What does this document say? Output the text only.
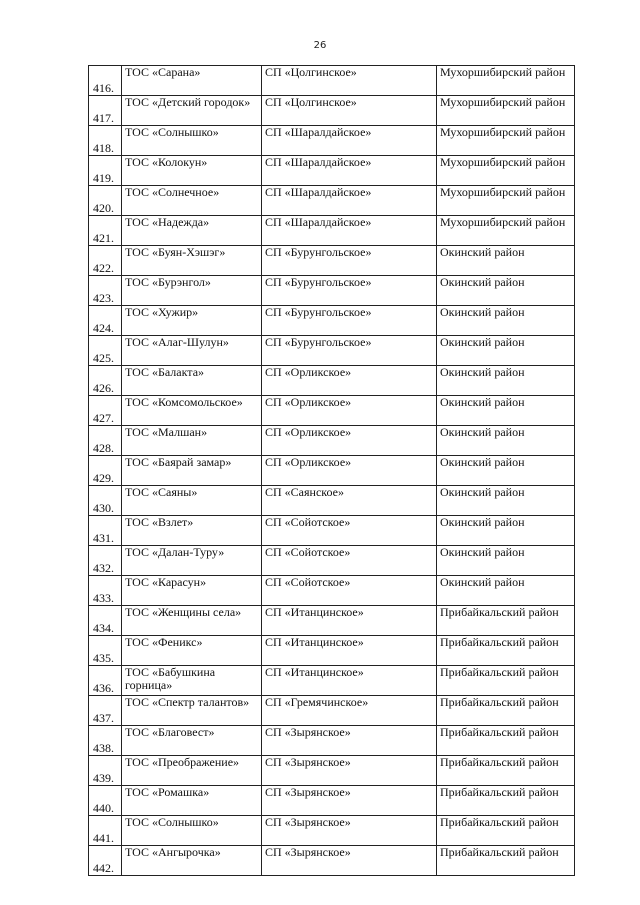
26
416.	ТОС «Сарана»	СП «Цолгинское»	Мухоршибирский район
417.	ТОС «Детский городок»	СП «Цолгинское»	Мухоршибирский район
418.	ТОС «Солнышко»	СП «Шаралдайское»	Мухоршибирский район
419.	ТОС «Колокун»	СП «Шаралдайское»	Мухоршибирский район
420.	ТОС «Солнечное»	СП «Шаралдайское»	Мухоршибирский район
421.	ТОС «Надежда»	СП «Шаралдайское»	Мухоршибирский район
422.	ТОС «Буян-Хэшэг»	СП «Бурунгольское»	Окинский район
423.	ТОС «Бурэнгол»	СП «Бурунгольское»	Окинский район
424.	ТОС «Хужир»	СП «Бурунгольское»	Окинский район
425.	ТОС «Алаг-Шулун»	СП «Бурунгольское»	Окинский район
426.	ТОС «Балакта»	СП «Орликское»	Окинский район
427.	ТОС «Комсомольское»	СП «Орликское»	Окинский район
428.	ТОС «Малшан»	СП «Орликское»	Окинский район
429.	ТОС «Баярай замар»	СП «Орликское»	Окинский район
430.	ТОС «Саяны»	СП «Саянское»	Окинский район
431.	ТОС «Взлет»	СП «Сойотское»	Окинский район
432.	ТОС «Далан-Туру»	СП «Сойотское»	Окинский район
433.	ТОС «Карасун»	СП «Сойотское»	Окинский район
434.	ТОС «Женщины села»	СП «Итанцинское»	Прибайкальский район
435.	ТОС «Феникс»	СП «Итанцинское»	Прибайкальский район
436.	ТОС «Бабушкина горница»	СП «Итанцинское»	Прибайкальский район
437.	ТОС «Спектр талантов»	СП «Гремячинское»	Прибайкальский район
438.	ТОС «Благовест»	СП «Зырянское»	Прибайкальский район
439.	ТОС «Преображение»	СП «Зырянское»	Прибайкальский район
440.	ТОС «Ромашка»	СП «Зырянское»	Прибайкальский район
441.	ТОС «Солнышко»	СП «Зырянское»	Прибайкальский район
442.	ТОС «Ангырочка»	СП «Зырянское»	Прибайкальский район
